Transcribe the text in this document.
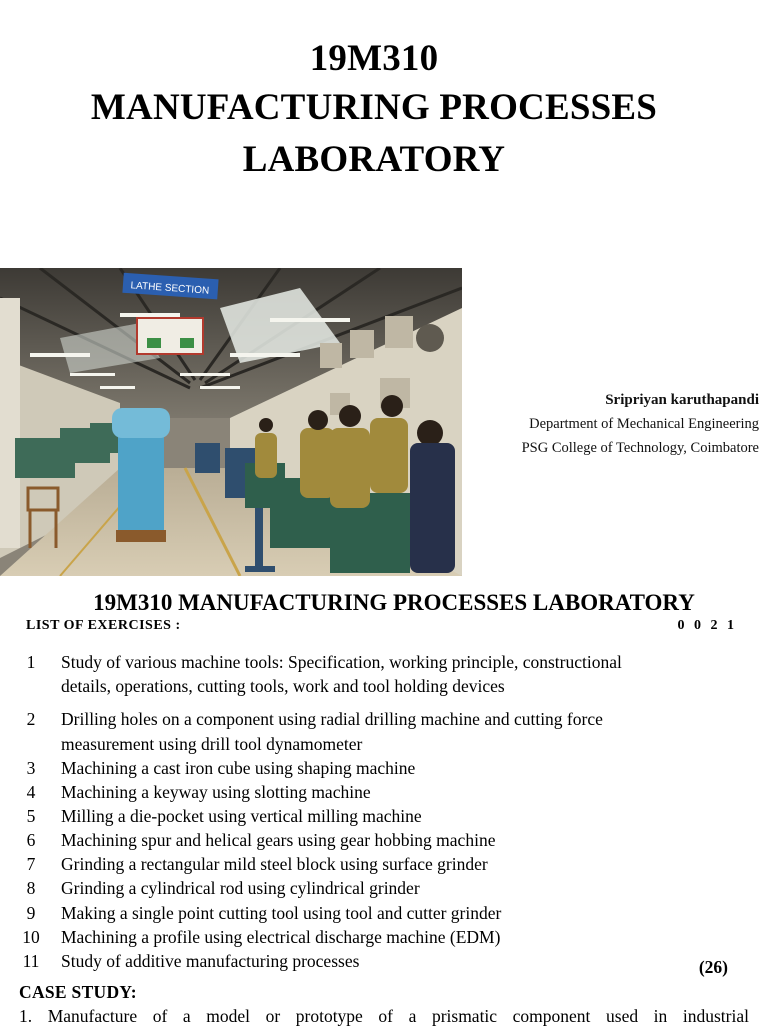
19M310
MANUFACTURING PROCESSES
LABORATORY
LATHE SECTION
Sripriyan karuthapandi
Department of Mechanical Engineering
PSG College of Technology, Coimbatore
19M310 MANUFACTURING PROCESSES LABORATORY
LIST OF EXERCISES :	0 0 2 1
1	Study of various machine tools: Specification, working principle, constructional
details, operations, cutting tools, work and tool holding devices
2	Drilling holes on a component using radial drilling machine and cutting force
measurement using drill tool dynamometer
3	Machining a cast iron cube using shaping machine
4	Machining a keyway using slotting machine
5	Milling a die-pocket using vertical milling machine
6	Machining spur and helical gears using gear hobbing machine
7	Grinding a rectangular mild steel block using surface grinder
8	Grinding a cylindrical rod using cylindrical grinder
9	Making a single point cutting tool using tool and cutter grinder
10 Machining a profile using electrical discharge machine (EDM)
11 Study of additive manufacturing processes	(26)
CASE STUDY:
1. Manufacture of a model or prototype of a prismatic component used in industrial
